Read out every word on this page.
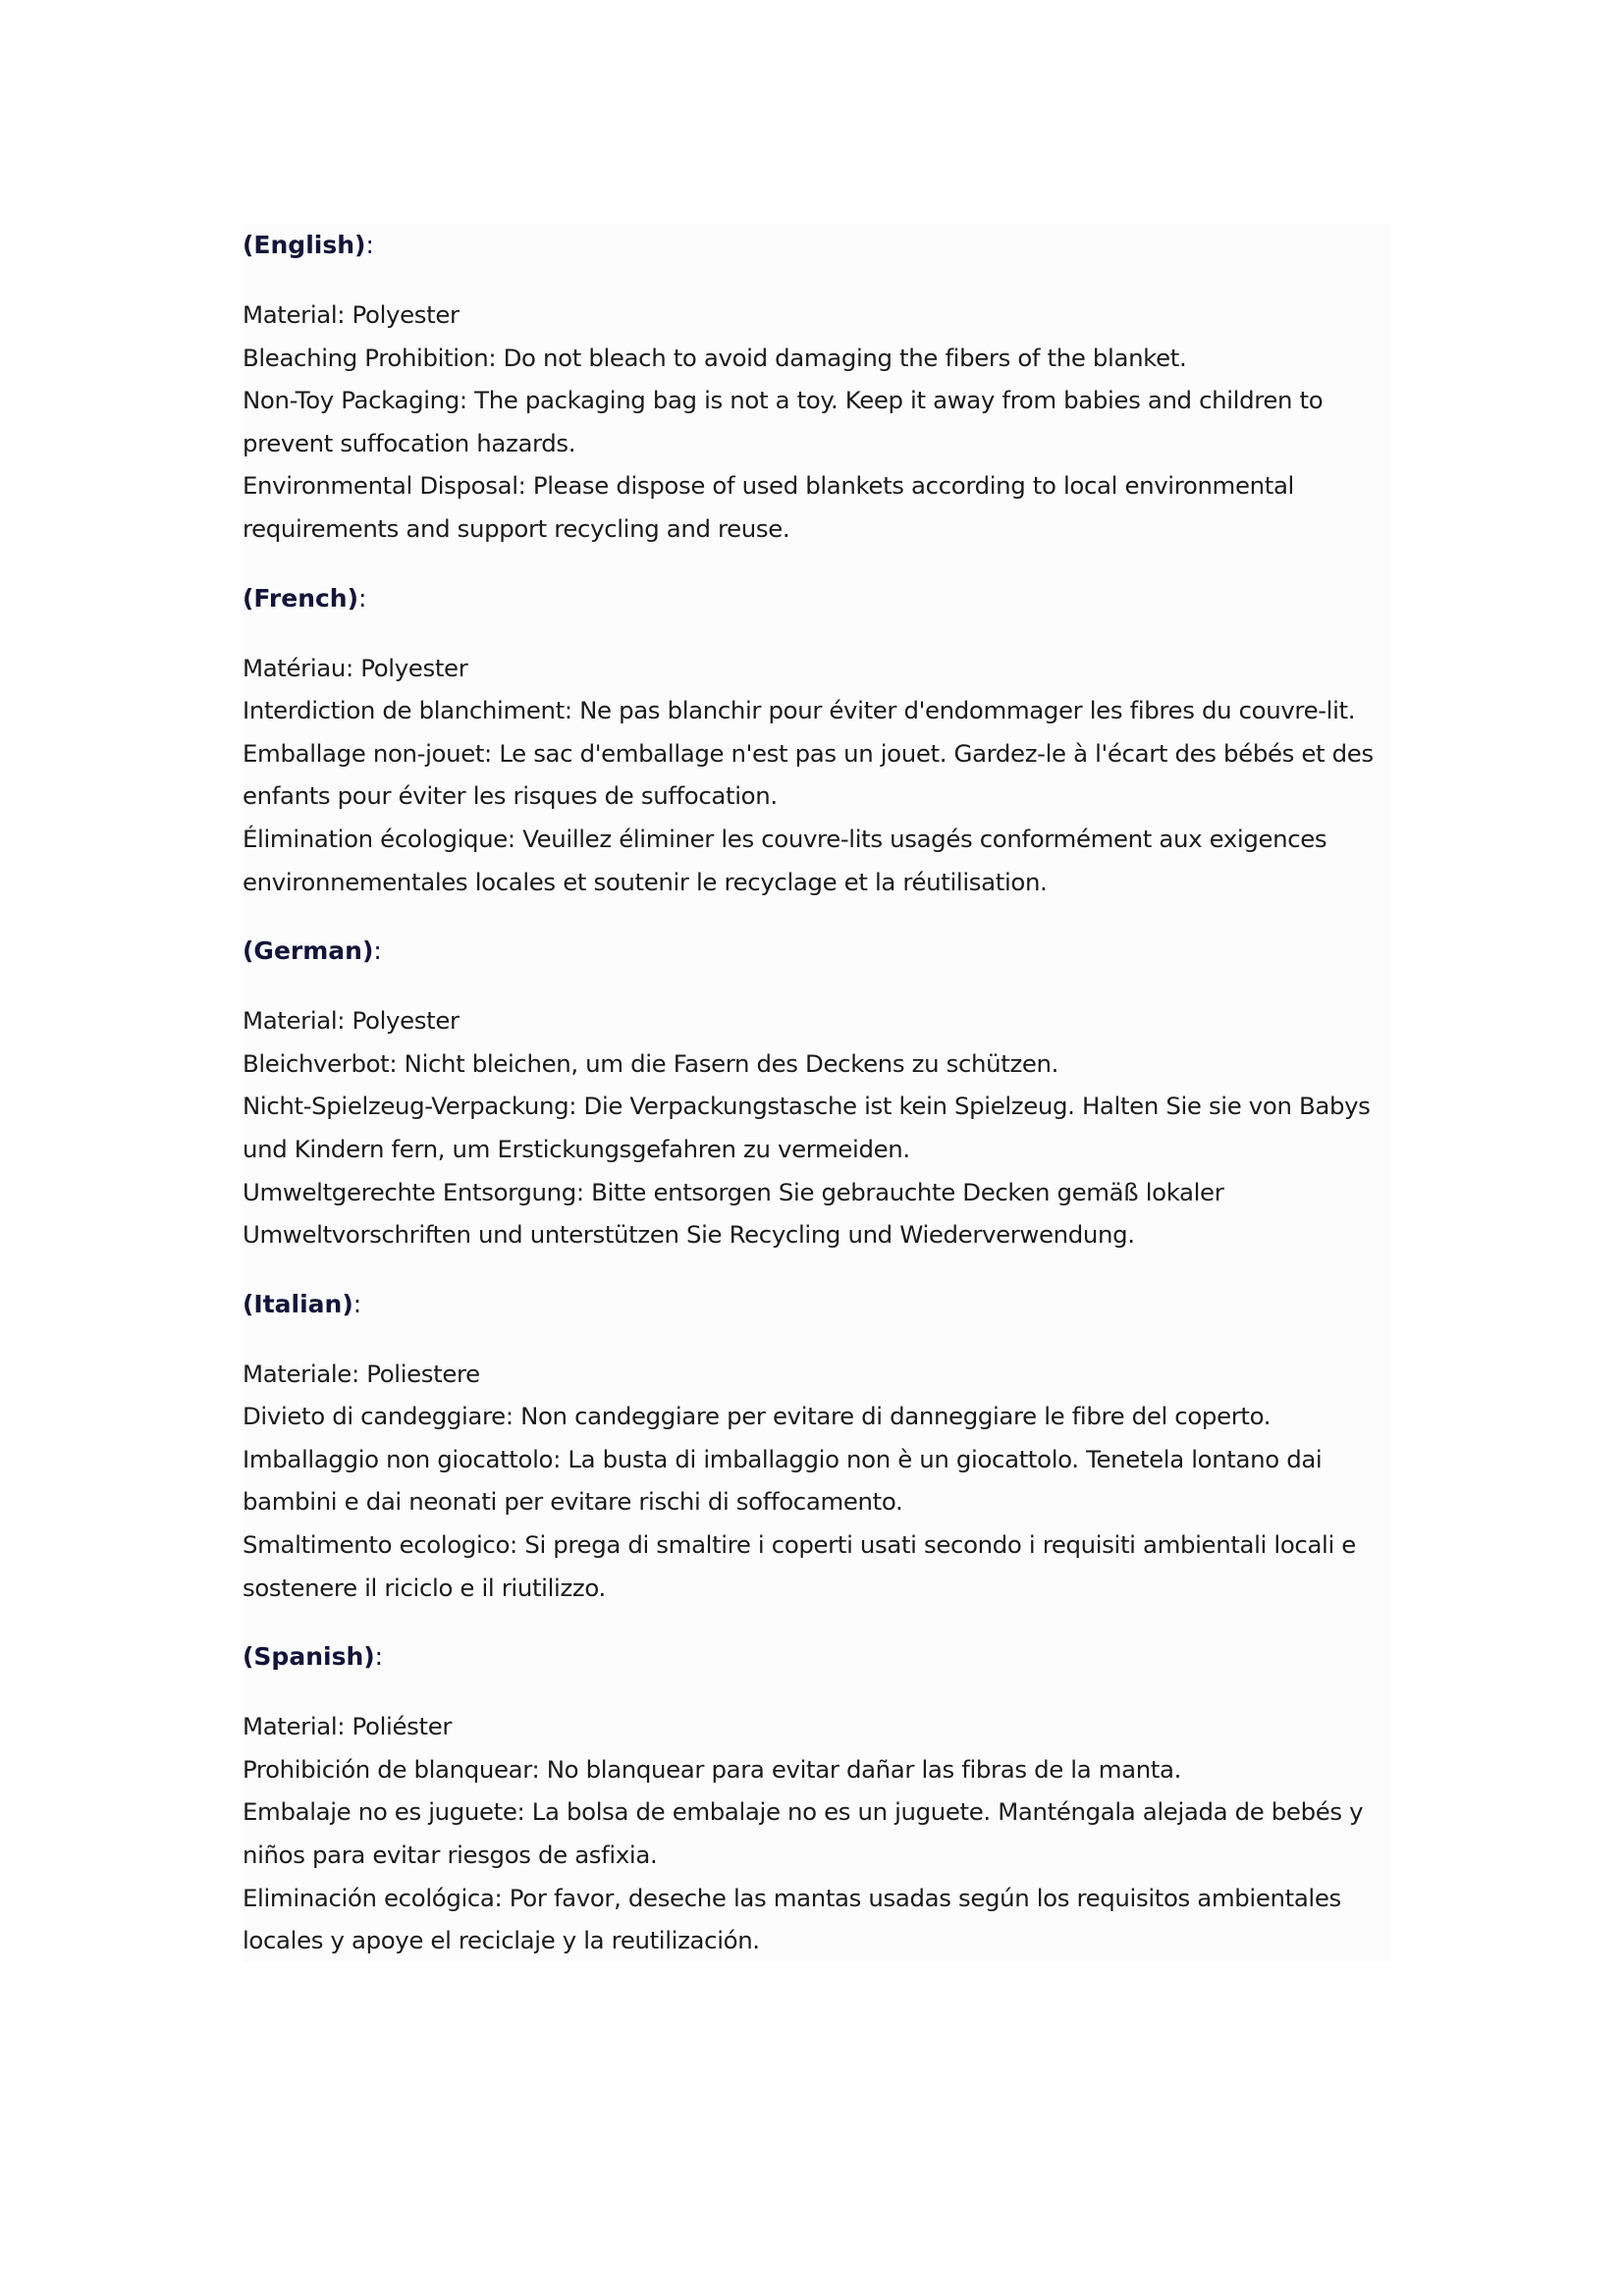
(English):

Material: Polyester

Bleaching Prohibition: Do not bleach to avoid damaging the fibers of the blanket.

Non-Toy Packaging: The packaging bag is not a toy. Keep it away from babies and children to prevent suffocation hazards.

Environmental Disposal: Please dispose of used blankets according to local environmental requirements and support recycling and reuse.

(French):

Matériau: Polyester

Interdiction de blanchiment: Ne pas blanchir pour éviter d'endommager les fibres du couvre-lit.

Emballage non-jouet: Le sac d'emballage n'est pas un jouet. Gardez-le à l'écart des bébés et des enfants pour éviter les risques de suffocation.

Élimination écologique: Veuillez éliminer les couvre-lits usagés conformément aux exigences environnementales locales et soutenir le recyclage et la réutilisation.

(German):

Material: Polyester

Bleichverbot: Nicht bleichen, um die Fasern des Deckens zu schützen.

Nicht-Spielzeug-Verpackung: Die Verpackungstasche ist kein Spielzeug. Halten Sie sie von Babys und Kindern fern, um Erstickungsgefahren zu vermeiden.

Umweltgerechte Entsorgung: Bitte entsorgen Sie gebrauchte Decken gemäß lokaler Umweltvorschriften und unterstützen Sie Recycling und Wiederverwendung.

(Italian):

Materiale: Poliestere

Divieto di candeggiare: Non candeggiare per evitare di danneggiare le fibre del coperto.

Imballaggio non giocattolo: La busta di imballaggio non è un giocattolo. Tenetela lontano dai bambini e dai neonati per evitare rischi di soffocamento.

Smaltimento ecologico: Si prega di smaltire i coperti usati secondo i requisiti ambientali locali e sostenere il riciclo e il riutilizzo.

(Spanish):

Material: Poliéster

Prohibición de blanquear: No blanquear para evitar dañar las fibras de la manta.

Embalaje no es juguete: La bolsa de embalaje no es un juguete. Manténgala alejada de bebés y niños para evitar riesgos de asfixia.

Eliminación ecológica: Por favor, deseche las mantas usadas según los requisitos ambientales locales y apoye el reciclaje y la reutilización.
